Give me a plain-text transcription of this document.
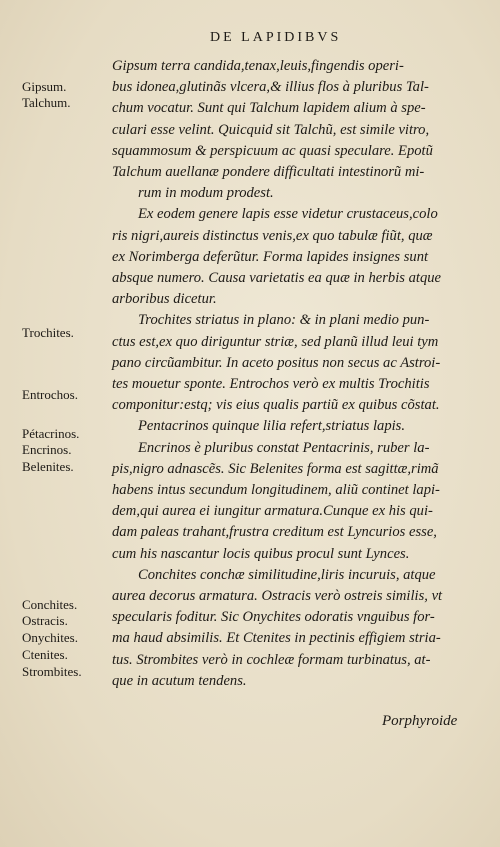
DE LAPIDIBVS
Gipsum.
Talchum.
Trochites.
Entrochos.
Pétacrinos.
Encrinos.
Belenites.
Conchites.
Ostracis.
Onychites.
Ctenites.
Strombites.
Gipsum terra candida,tenax,leuis,fingendis operi-
bus idonea,glutinãs vlcera,& illius flos à pluribus Tal-
chum vocatur. Sunt qui Talchum lapidem alium à spe-
culari esse velint. Quicquid sit Talchũ, est simile vitro,
squammosum & perspicuum ac quasi speculare. Epotũ
Talchum auellanæ pondere difficultati intestinorũ mi-
rum in modum prodest.
Ex eodem genere lapis esse videtur crustaceus,colo
ris nigri,aureis distinctus venis,ex quo tabulæ fiũt, quæ
ex Norimberga deferũtur. Forma lapides insignes sunt
absque numero. Causa varietatis ea quæ in herbis atque
arboribus dicetur.
Trochites striatus in plano: & in plani medio pun-
ctus est,ex quo diriguntur striæ, sed planũ illud leui tym
pano circũambitur. In aceto positus non secus ac Astroi-
tes mouetur sponte. Entrochos verò ex multis Trochitis
componitur:estq; vis eius qualis partiũ ex quibus cõstat.
Pentacrinos quinque lilia refert,striatus lapis.
Encrinos è pluribus constat Pentacrinis, ruber la-
pis,nigro adnascẽs. Sic Belenites forma est sagittæ,rimã
habens intus secundum longitudinem, aliũ continet lapi-
dem,qui aurea ei iungitur armatura.Cunque ex his qui-
dam paleas trahant,frustra creditum est Lyncurios esse,
cum his nascantur locis quibus procul sunt Lynces.
Conchites conchæ similitudine,liris incuruis, atque
aurea decorus armatura. Ostracis verò ostreis similis, vt
specularis foditur. Sic Onychites odoratis vnguibus for-
ma haud absimilis. Et Ctenites in pectinis effigiem stria-
tus. Strombites verò in cochleæ formam turbinatus, at-
que in acutum tendens.
Porphyroide
